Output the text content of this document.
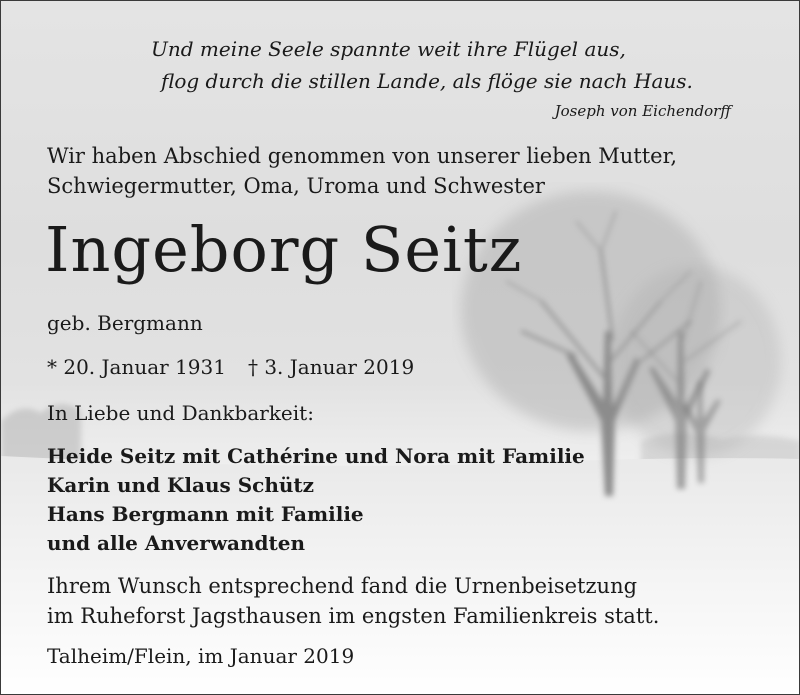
Und meine Seele spannte weit ihre Flügel aus,
flog durch die stillen Lande, als flöge sie nach Haus.
Joseph von Eichendorff
Wir haben Abschied genommen von unserer lieben Mutter,
Schwiegermutter, Oma, Uroma und Schwester
Ingeborg Seitz
geb. Bergmann
* 20. Januar 1931 † 3. Januar 2019
In Liebe und Dankbarkeit:
Heide Seitz mit Cathérine und Nora mit Familie
Karin und Klaus Schütz
Hans Bergmann mit Familie
und alle Anverwandten
Ihrem Wunsch entsprechend fand die Urnenbeisetzung
im Ruheforst Jagsthausen im engsten Familienkreis statt.
Talheim/Flein, im Januar 2019
